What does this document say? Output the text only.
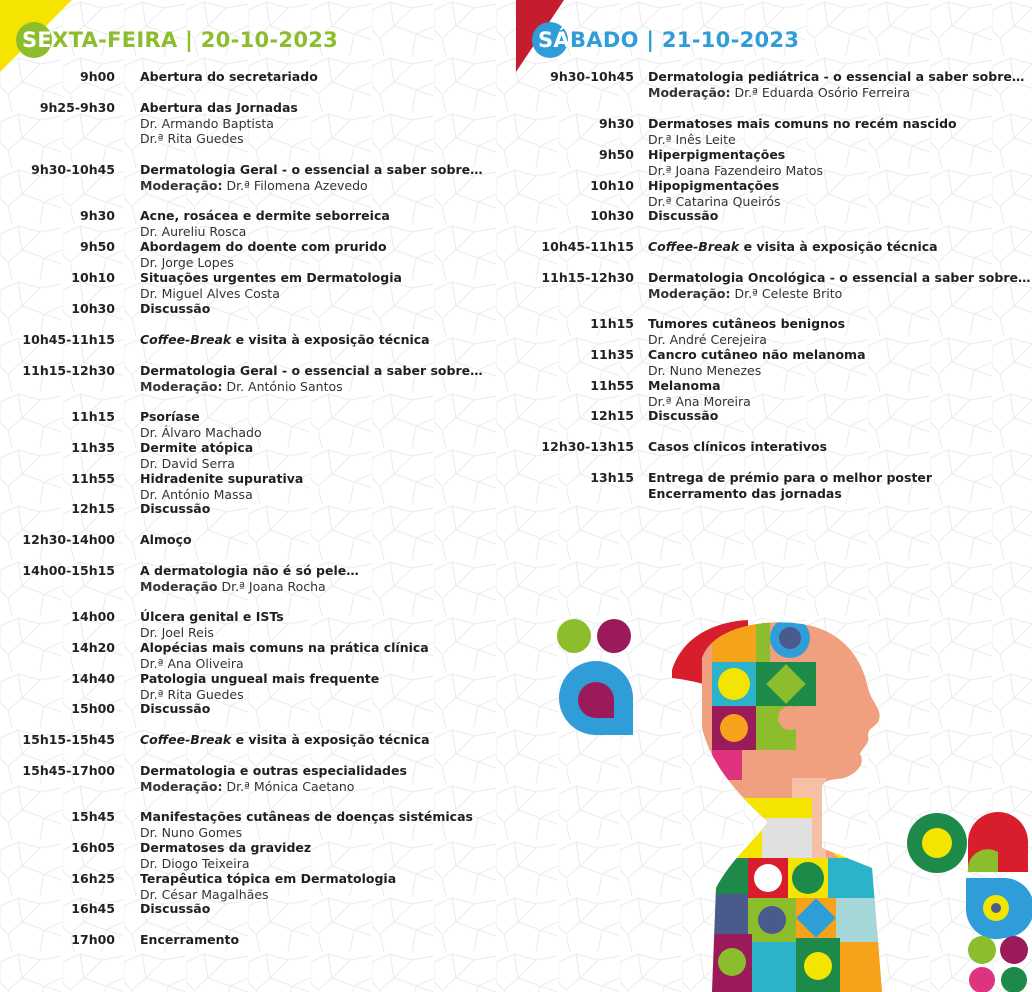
SE XTA-FEIRA | 20-10-2023
9h00 Abertura do secretariado
9h25-9h30 Abertura das Jornadas
Dr. Armando Baptista
Dr.ª Rita Guedes
9h30-10h45 Dermatologia Geral - o essencial a saber sobre…
Moderação: Dr.ª Filomena Azevedo
9h30 Acne, rosácea e dermite seborreica
Dr. Aureliu Rosca
9h50 Abordagem do doente com prurido
Dr. Jorge Lopes
10h10 Situações urgentes em Dermatologia
Dr. Miguel Alves Costa
10h30 Discussão
10h45-11h15 Coffee-Break e visita à exposição técnica
11h15-12h30 Dermatologia Geral - o essencial a saber sobre…
Moderação: Dr. António Santos
11h15 Psoríase
Dr. Álvaro Machado
11h35 Dermite atópica
Dr. David Serra
11h55 Hidradenite supurativa
Dr. António Massa
12h15 Discussão
12h30-14h00 Almoço
14h00-15h15 A dermatologia não é só pele…
Moderação Dr.ª Joana Rocha
14h00 Úlcera genital e ISTs
Dr. Joel Reis
14h20 Alopécias mais comuns na prática clínica
Dr.ª Ana Oliveira
14h40 Patologia ungueal mais frequente
Dr.ª Rita Guedes
15h00 Discussão
15h15-15h45 Coffee-Break e visita à exposição técnica
15h45-17h00 Dermatologia e outras especialidades
Moderação: Dr.ª Mónica Caetano
15h45 Manifestações cutâneas de doenças sistémicas
Dr. Nuno Gomes
16h05 Dermatoses da gravidez
Dr. Diogo Teixeira
16h25 Terapêutica tópica em Dermatologia
Dr. César Magalhães
16h45 Discussão
17h00 Encerramento
SÁ BADO | 21-10-2023
9h30-10h45 Dermatologia pediátrica - o essencial a saber sobre…
Moderação: Dr.ª Eduarda Osório Ferreira
9h30 Dermatoses mais comuns no recém nascido
Dr.ª Inês Leite
9h50 Hiperpigmentações
Dr.ª Joana Fazendeiro Matos
10h10 Hipopigmentações
Dr.ª Catarina Queirós
10h30 Discussão
10h45-11h15 Coffee-Break e visita à exposição técnica
11h15-12h30 Dermatologia Oncológica - o essencial a saber sobre…
Moderação: Dr.ª Celeste Brito
11h15 Tumores cutâneos benignos
Dr. André Cerejeira
11h35 Cancro cutâneo não melanoma
Dr. Nuno Menezes
11h55 Melanoma
Dr.ª Ana Moreira
12h15 Discussão
12h30-13h15 Casos clínicos interativos
13h15 Entrega de prémio para o melhor poster
Encerramento das jornadas
